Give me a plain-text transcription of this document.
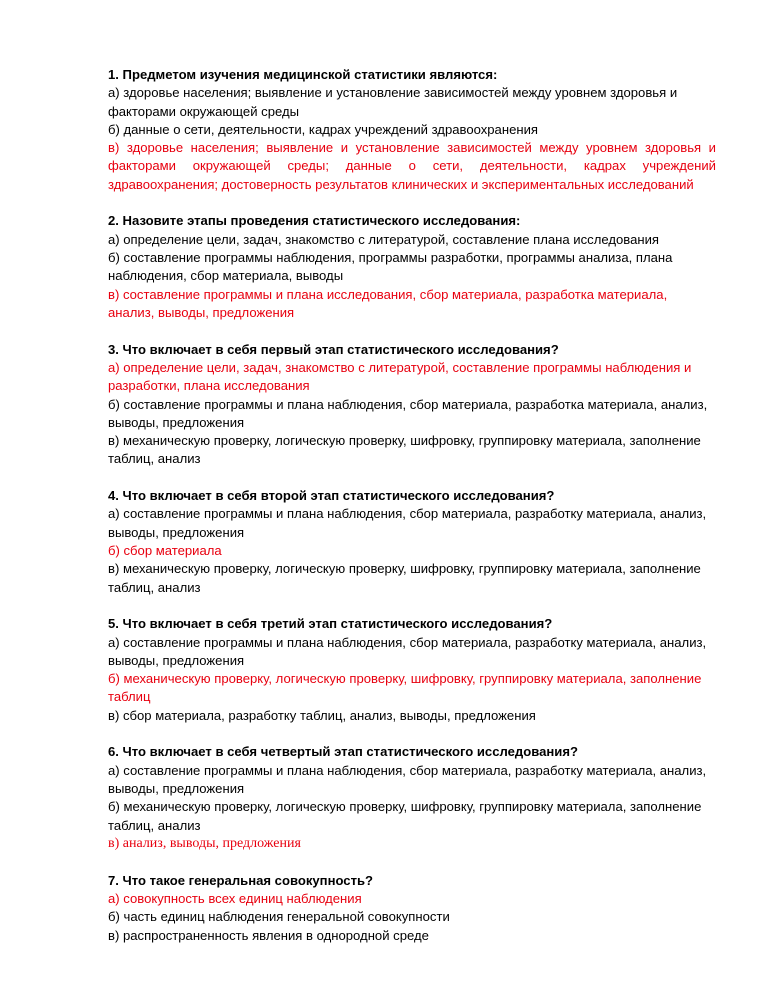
1. Предметом изучения медицинской статистики являются:
а) здоровье населения; выявление и установление зависимостей между уровнем здоровья и факторами окружающей среды
б) данные о сети, деятельности, кадрах учреждений здравоохранения
в) здоровье населения; выявление и установление зависимостей между уровнем здоровья и факторами окружающей среды; данные о сети, деятельности, кадрах учреждений здравоохранения; достоверность результатов клинических и экспериментальных исследований
2. Назовите этапы проведения статистического исследования:
а) определение цели, задач, знакомство с литературой, составление плана исследования
б) составление программы наблюдения, программы разработки, программы анализа, плана наблюдения, сбор материала, выводы
в) составление программы и плана исследования, сбор материала, разработка материала, анализ, выводы, предложения
3. Что включает в себя первый этап статистического исследования?
а) определение цели, задач, знакомство с литературой, составление программы наблюдения и разработки, плана исследования
б) составление программы и плана наблюдения, сбор материала, разработка материала, анализ, выводы, предложения
в) механическую проверку, логическую проверку, шифровку, группировку материала, заполнение таблиц, анализ
4. Что включает в себя второй этап статистического исследования?
а) составление программы и плана наблюдения, сбор материала, разработку материала, анализ, выводы, предложения
б) сбор материала
в) механическую проверку, логическую проверку, шифровку, группировку материала, заполнение таблиц, анализ
5. Что включает в себя третий этап статистического исследования?
а) составление программы и плана наблюдения, сбор материала, разработку материала, анализ, выводы, предложения
б) механическую проверку, логическую проверку, шифровку, группировку материала, заполнение таблиц
в) сбор материала, разработку таблиц, анализ, выводы, предложения
6. Что включает в себя четвертый этап статистического исследования?
а) составление программы и плана наблюдения, сбор материала, разработку материала, анализ, выводы, предложения
б) механическую проверку, логическую проверку, шифровку, группировку материала, заполнение таблиц, анализ
в) анализ, выводы, предложения
7. Что такое генеральная совокупность?
а) совокупность всех единиц наблюдения
б) часть единиц наблюдения генеральной совокупности
в) распространенность явления в однородной среде
